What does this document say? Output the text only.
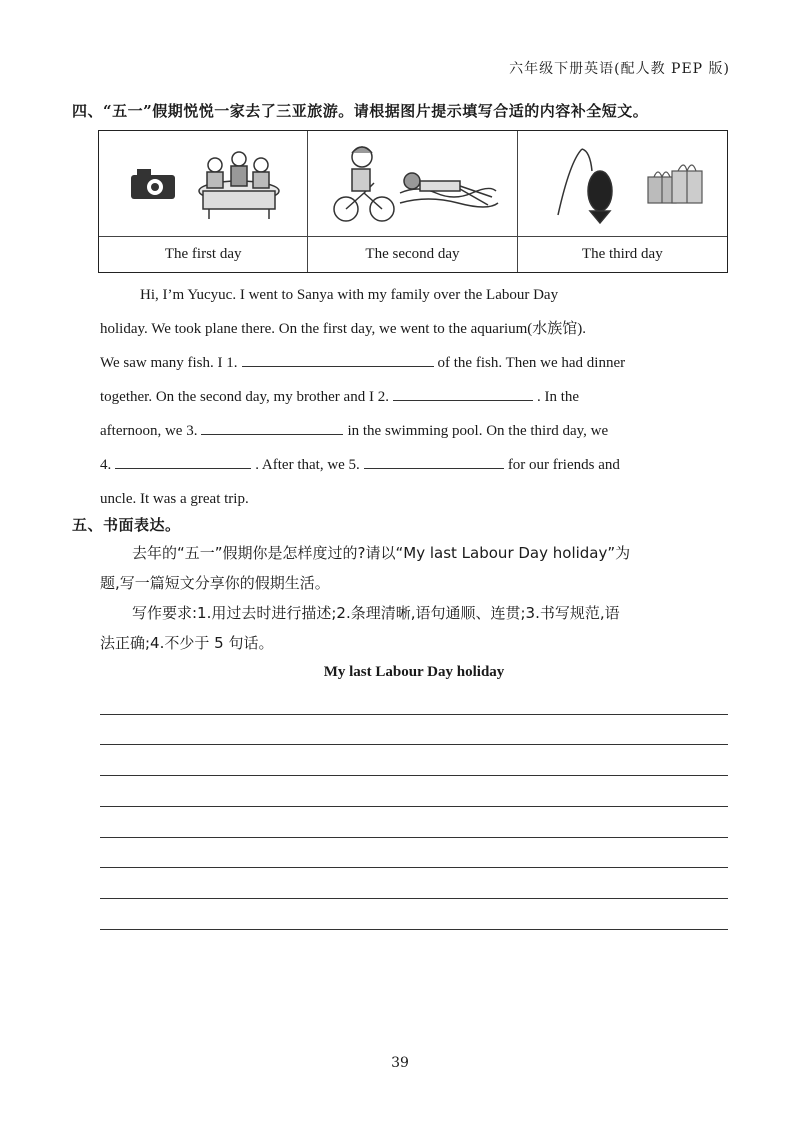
六年级下册英语(配人教 PEP 版)
四、“五一”假期悦悦一家去了三亚旅游。请根据图片提示填写合适的内容补全短文。
The first day	The second day	The third day
Hi, I’m Yucyuc. I went to Sanya with my family over the Labour Day
holiday. We took plane there. On the first day, we went to the aquarium(水族馆).
We saw many fish. I 1.	of the fish. Then we had dinner
together. On the second day, my brother and I 2.	. In the
afternoon, we 3.	in the swimming pool. On the third day, we
4.	. After that, we 5.	for our friends and
uncle. It was a great trip.
五、书面表达。
去年的“五一”假期你是怎样度过的?请以“My last Labour Day holiday”为
题,写一篇短文分享你的假期生活。
写作要求:1.用过去时进行描述;2.条理清晰,语句通顺、连贯;3.书写规范,语
法正确;4.不少于 5 句话。
My last Labour Day holiday
39
